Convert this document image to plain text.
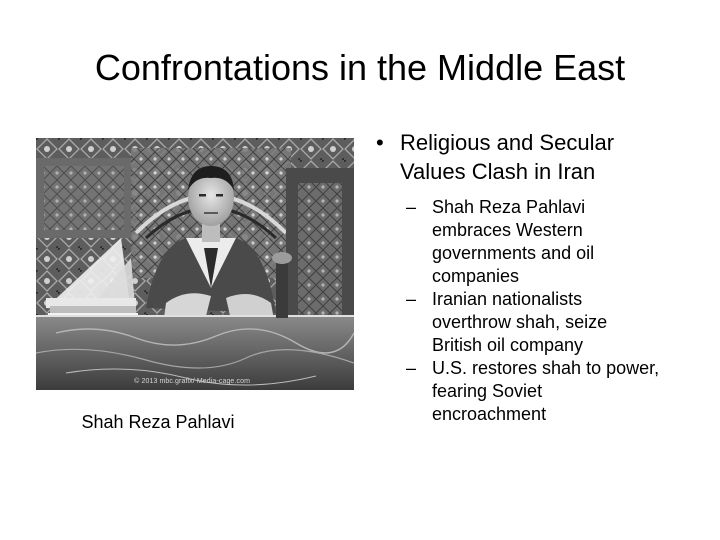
Confrontations in the Middle East
© 2013 mbc.grafix/ Media-cage.com
Shah Reza Pahlavi
• Religious and Secular Values Clash in Iran
– Shah Reza Pahlavi embraces Western governments and oil companies
– Iranian nationalists overthrow shah, seize British oil company
– U.S. restores shah to power, fearing Soviet encroachment
